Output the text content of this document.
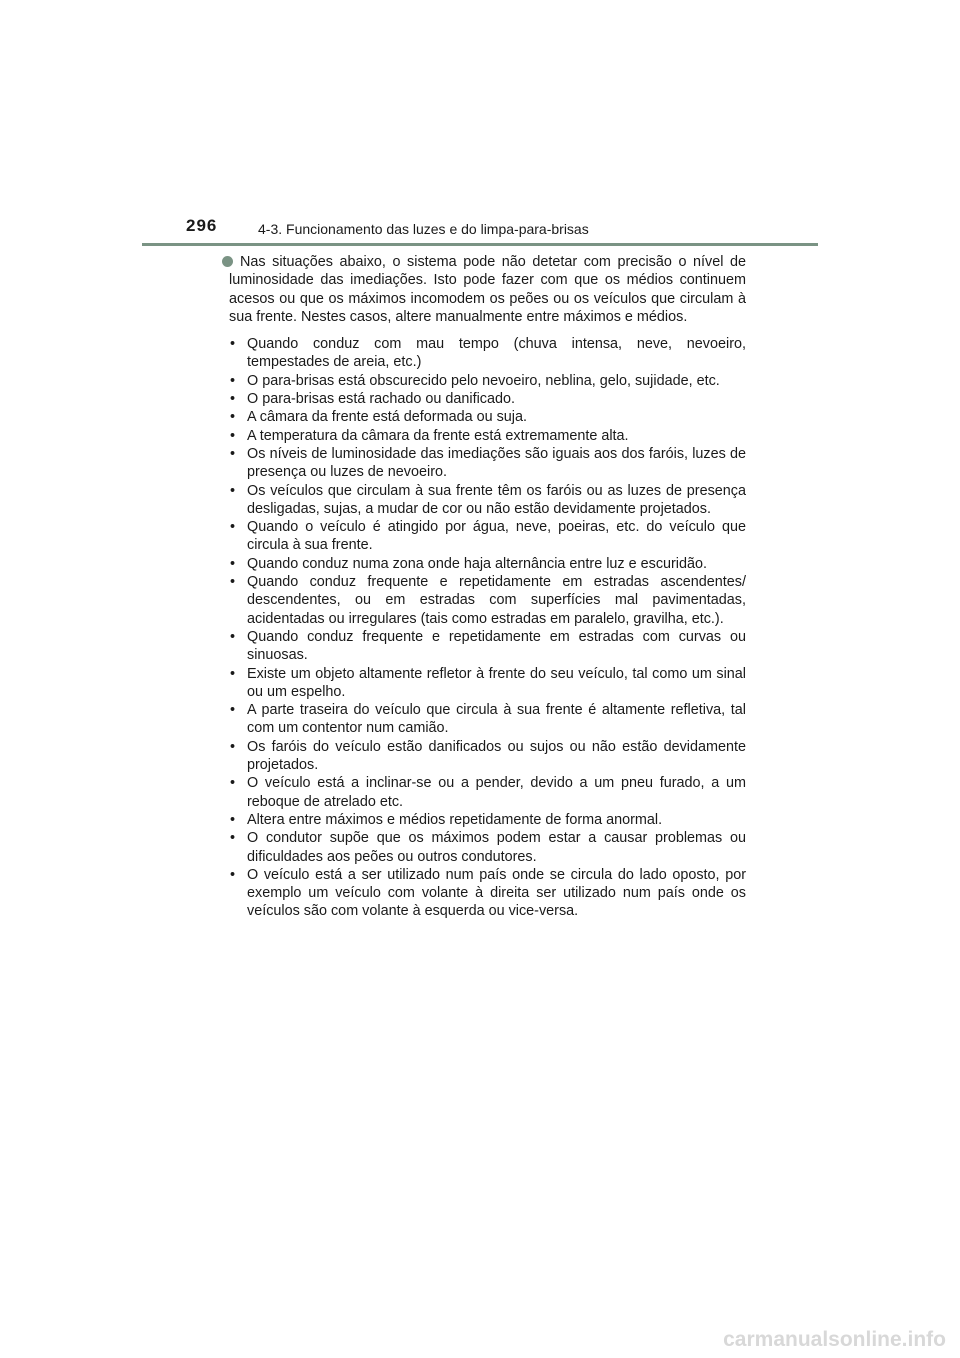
296	4-3. Funcionamento das luzes e do limpa-para-brisas
Nas situações abaixo, o sistema pode não detetar com precisão o nível de luminosidade das imediações. Isto pode fazer com que os médios continuem acesos ou que os máximos incomodem os peões ou os veículos que circulam à sua frente. Nestes casos, altere manualmente entre máximos e médios.
• Quando conduz com mau tempo (chuva intensa, neve, nevoeiro, tempestades de areia, etc.)
• O para-brisas está obscurecido pelo nevoeiro, neblina, gelo, sujidade, etc.
• O para-brisas está rachado ou danificado.
• A câmara da frente está deformada ou suja.
• A temperatura da câmara da frente está extremamente alta.
• Os níveis de luminosidade das imediações são iguais aos dos faróis, luzes de presença ou luzes de nevoeiro.
• Os veículos que circulam à sua frente têm os faróis ou as luzes de presença desligadas, sujas, a mudar de cor ou não estão devidamente projetados.
• Quando o veículo é atingido por água, neve, poeiras, etc. do veículo que circula à sua frente.
• Quando conduz numa zona onde haja alternância entre luz e escuridão.
• Quando conduz frequente e repetidamente em estradas ascendentes/ descendentes, ou em estradas com superfícies mal pavimentadas, acidentadas ou irregulares (tais como estradas em paralelo, gravilha, etc.).
• Quando conduz frequente e repetidamente em estradas com curvas ou sinuosas.
• Existe um objeto altamente refletor à frente do seu veículo, tal como um sinal ou um espelho.
• A parte traseira do veículo que circula à sua frente é altamente refletiva, tal com um contentor num camião.
• Os faróis do veículo estão danificados ou sujos ou não estão devidamente projetados.
• O veículo está a inclinar-se ou a pender, devido a um pneu furado, a um reboque de atrelado etc.
• Altera entre máximos e médios repetidamente de forma anormal.
• O condutor supõe que os máximos podem estar a causar problemas ou dificuldades aos peões ou outros condutores.
• O veículo está a ser utilizado num país onde se circula do lado oposto, por exemplo um veículo com volante à direita ser utilizado num país onde os veículos são com volante à esquerda ou vice-versa.
carmanualsonline.info
